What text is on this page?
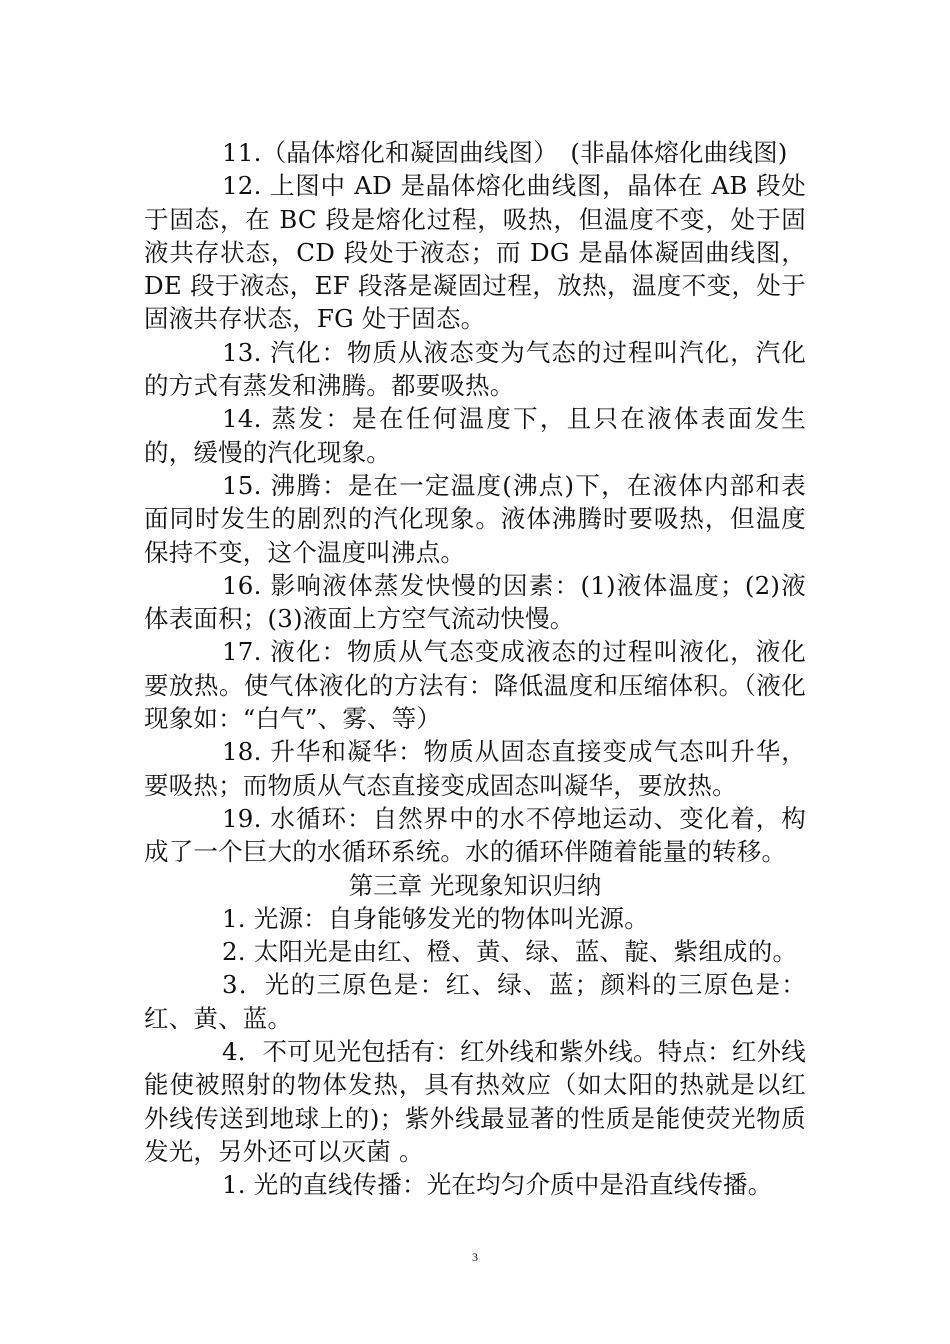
11.（晶体熔化和凝固曲线图）　(非晶体熔化曲线图)

12. 上图中 AD 是晶体熔化曲线图，晶体在 AB 段处于固态，在 BC 段是熔化过程，吸热，但温度不变，处于固液共存状态，CD 段处于液态；而 DG 是晶体凝固曲线图，DE 段于液态，EF 段落是凝固过程，放热，温度不变，处于固液共存状态，FG 处于固态。

13. 汽化：物质从液态变为气态的过程叫汽化，汽化的方式有蒸发和沸腾。都要吸热。

14. 蒸发：是在任何温度下，且只在液体表面发生的，缓慢的汽化现象。

15. 沸腾：是在一定温度(沸点)下，在液体内部和表面同时发生的剧烈的汽化现象。液体沸腾时要吸热，但温度保持不变，这个温度叫沸点。

16. 影响液体蒸发快慢的因素：(1)液体温度；(2)液体表面积；(3)液面上方空气流动快慢。

17. 液化：物质从气态变成液态的过程叫液化，液化要放热。使气体液化的方法有：降低温度和压缩体积。（液化现象如：“白气”、雾、等）

18. 升华和凝华：物质从固态直接变成气态叫升华，要吸热；而物质从气态直接变成固态叫凝华，要放热。

19. 水循环：自然界中的水不停地运动、变化着，构成了一个巨大的水循环系统。水的循环伴随着能量的转移。

第三章 光现象知识归纳

1. 光源：自身能够发光的物体叫光源。

2. 太阳光是由红、橙、黄、绿、蓝、靛、紫组成的。

3．光的三原色是：红、绿、蓝；颜料的三原色是：红、黄、蓝。

4．不可见光包括有：红外线和紫外线。特点：红外线能使被照射的物体发热，具有热效应（如太阳的热就是以红外线传送到地球上的)；紫外线最显著的性质是能使荧光物质发光，另外还可以灭菌 。

1. 光的直线传播：光在均匀介质中是沿直线传播。

3
